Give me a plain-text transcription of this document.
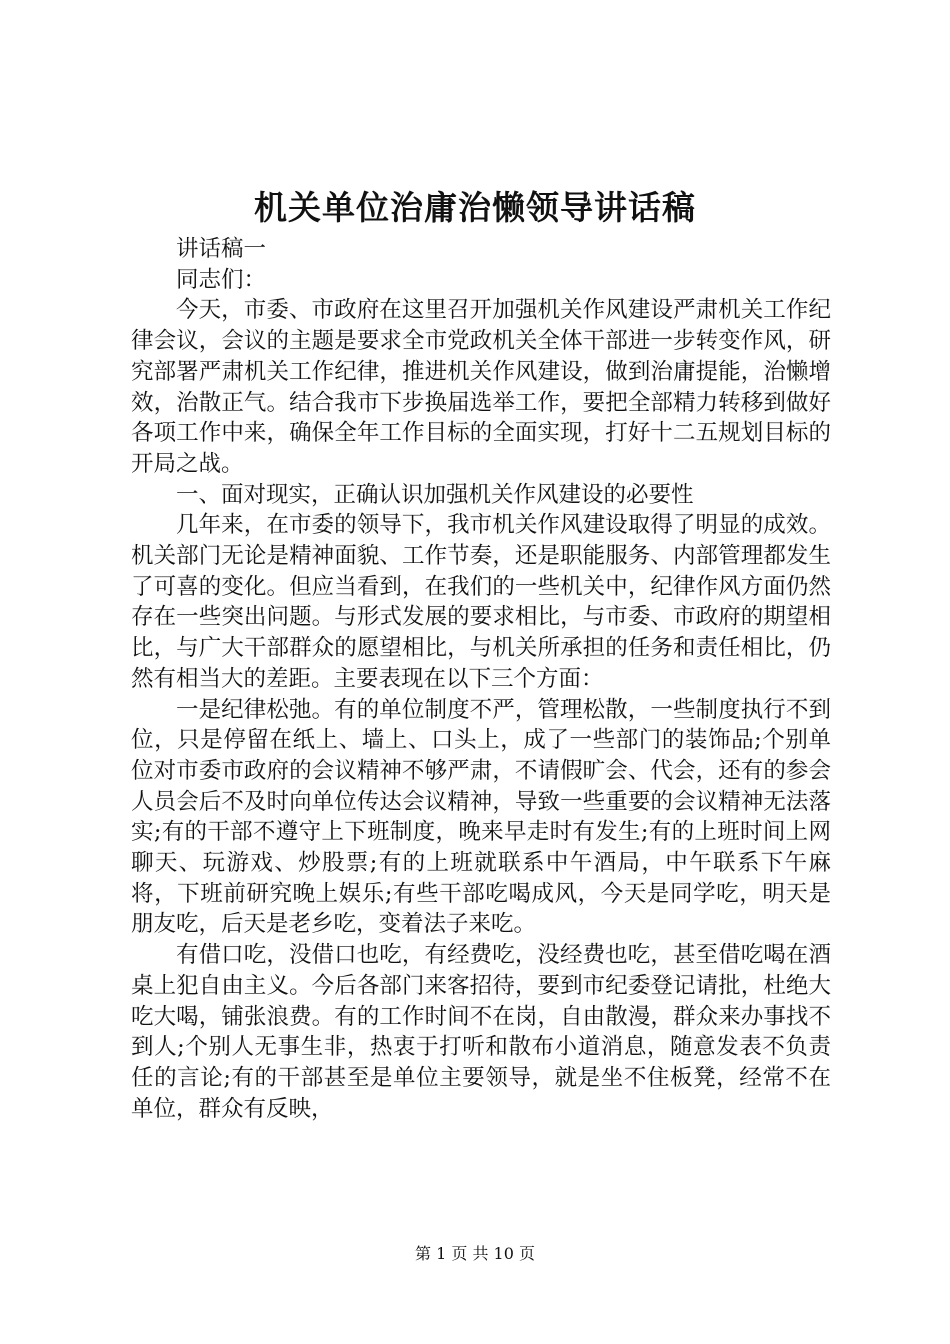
机关单位治庸治懒领导讲话稿

讲话稿一

同志们：

今天，市委、市政府在这里召开加强机关作风建设严肃机关工作纪律会议，会议的主题是要求全市党政机关全体干部进一步转变作风，研究部署严肃机关工作纪律，推进机关作风建设，做到治庸提能，治懒增效，治散正气。结合我市下步换届选举工作，要把全部精力转移到做好各项工作中来，确保全年工作目标的全面实现，打好十二五规划目标的开局之战。

一、面对现实，正确认识加强机关作风建设的必要性

几年来，在市委的领导下，我市机关作风建设取得了明显的成效。机关部门无论是精神面貌、工作节奏，还是职能服务、内部管理都发生了可喜的变化。但应当看到，在我们的一些机关中，纪律作风方面仍然存在一些突出问题。与形式发展的要求相比，与市委、市政府的期望相比，与广大干部群众的愿望相比，与机关所承担的任务和责任相比，仍然有相当大的差距。主要表现在以下三个方面：

一是纪律松弛。有的单位制度不严，管理松散，一些制度执行不到位，只是停留在纸上、墙上、口头上，成了一些部门的装饰品;个别单位对市委市政府的会议精神不够严肃，不请假旷会、代会，还有的参会人员会后不及时向单位传达会议精神，导致一些重要的会议精神无法落实;有的干部不遵守上下班制度，晚来早走时有发生;有的上班时间上网聊天、玩游戏、炒股票;有的上班就联系中午酒局，中午联系下午麻将，下班前研究晚上娱乐;有些干部吃喝成风，今天是同学吃，明天是朋友吃，后天是老乡吃，变着法子来吃。

有借口吃，没借口也吃，有经费吃，没经费也吃，甚至借吃喝在酒桌上犯自由主义。今后各部门来客招待，要到市纪委登记请批，杜绝大吃大喝，铺张浪费。有的工作时间不在岗，自由散漫，群众来办事找不到人;个别人无事生非，热衷于打听和散布小道消息，随意发表不负责任的言论;有的干部甚至是单位主要领导，就是坐不住板凳，经常不在单位，群众有反映，

第 1 页 共 10 页
